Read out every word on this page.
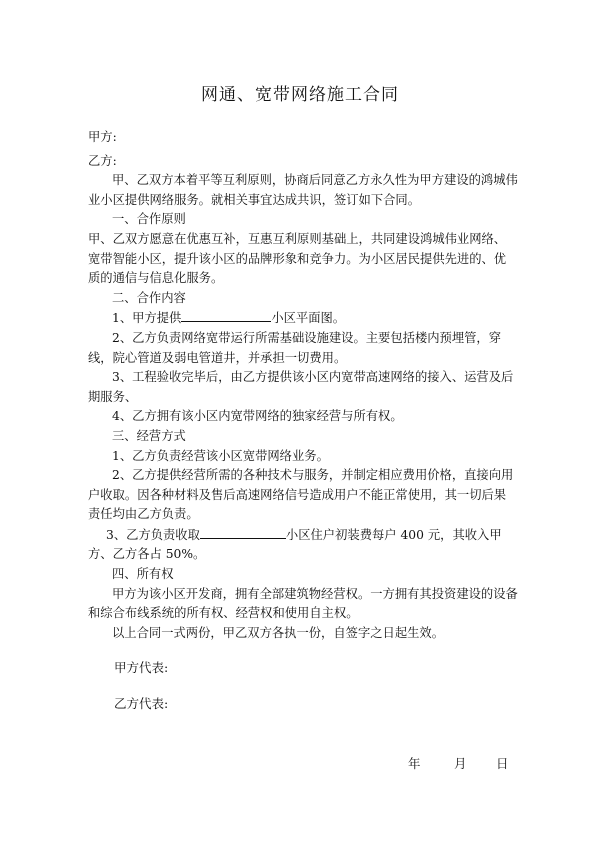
网通、宽带网络施工合同

甲方:

乙方:

甲、乙双方本着平等互利原则，协商后同意乙方永久性为甲方建设的鸿城伟业小区提供网络服务。就相关事宜达成共识，签订如下合同。

一、合作原则

甲、乙双方愿意在优惠互补，互惠互利原则基础上，共同建设鸿城伟业网络、宽带智能小区，提升该小区的品牌形象和竞争力。为小区居民提供先进的、优质的通信与信息化服务。

二、合作内容

1、甲方提供	小区平面图。

2、乙方负责网络宽带运行所需基础设施建设。主要包括楼内预埋管，穿线，院心管道及弱电管道井，并承担一切费用。

3、工程验收完毕后，由乙方提供该小区内宽带高速网络的接入、运营及后期服务、

4、乙方拥有该小区内宽带网络的独家经营与所有权。

三、经营方式

1、乙方负责经营该小区宽带网络业务。

2、乙方提供经营所需的各种技术与服务，并制定相应费用价格，直接向用户收取。因各种材料及售后高速网络信号造成用户不能正常使用，其一切后果责任均由乙方负责。

3、乙方负责收取	小区住户初装费每户 400 元，其收入甲方、乙方各占 50%。

四、所有权

甲方为该小区开发商，拥有全部建筑物经营权。一方拥有其投资建设的设备和综合布线系统的所有权、经营权和使用自主权。

以上合同一式两份，甲乙双方各执一份，自签字之日起生效。

甲方代表:
乙方代表:
年	月 日
